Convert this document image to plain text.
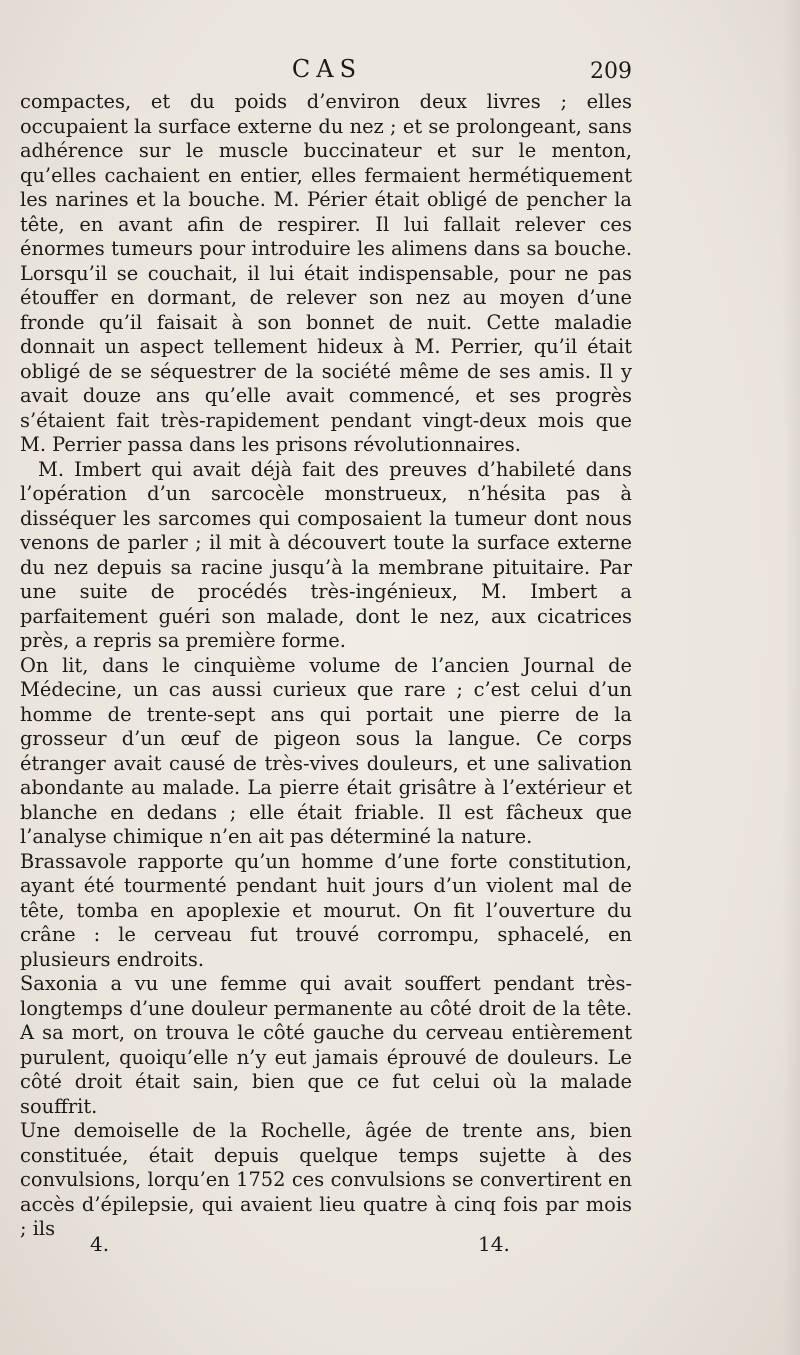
CAS	209

compactes, et du poids d’environ deux livres ; elles occupaient la surface externe du nez ; et se prolongeant, sans adhérence sur le muscle buccinateur et sur le menton, qu’elles cachaient en entier, elles fermaient hermétiquement les narines et la bouche. M. Périer était obligé de pencher la tête, en avant afin de respirer. Il lui fallait relever ces énormes tumeurs pour introduire les alimens dans sa bouche. Lorsqu’il se couchait, il lui était indispensable, pour ne pas étouffer en dormant, de relever son nez au moyen d’une fronde qu’il faisait à son bonnet de nuit. Cette maladie donnait un aspect tellement hideux à M. Perrier, qu’il était obligé de se séquestrer de la société même de ses amis. Il y avait douze ans qu’elle avait commencé, et ses progrès s’étaient fait très-rapidement pendant vingt-deux mois que M. Perrier passa dans les prisons révolutionnaires.

M. Imbert qui avait déjà fait des preuves d’habileté dans l’opération d’un sarcocèle monstrueux, n’hésita pas à disséquer les sarcomes qui composaient la tumeur dont nous venons de parler ; il mit à découvert toute la surface externe du nez depuis sa racine jusqu’à la membrane pituitaire. Par une suite de procédés très-ingénieux, M. Imbert a parfaitement guéri son malade, dont le nez, aux cicatrices près, a repris sa première forme.

On lit, dans le cinquième volume de l’ancien Journal de Médecine, un cas aussi curieux que rare ; c’est celui d’un homme de trente-sept ans qui portait une pierre de la grosseur d’un œuf de pigeon sous la langue. Ce corps étranger avait causé de très-vives douleurs, et une salivation abondante au malade. La pierre était grisâtre à l’extérieur et blanche en dedans ; elle était friable. Il est fâcheux que l’analyse chimique n’en ait pas déterminé la nature.

Brassavole rapporte qu’un homme d’une forte constitution, ayant été tourmenté pendant huit jours d’un violent mal de tête, tomba en apoplexie et mourut. On fit l’ouverture du crâne : le cerveau fut trouvé corrompu, sphacelé, en plusieurs endroits.

Saxonia a vu une femme qui avait souffert pendant très-longtemps d’une douleur permanente au côté droit de la tête. A sa mort, on trouva le côté gauche du cerveau entièrement purulent, quoiqu’elle n’y eut jamais éprouvé de douleurs. Le côté droit était sain, bien que ce fut celui où la malade souffrit.

Une demoiselle de la Rochelle, âgée de trente ans, bien constituée, était depuis quelque temps sujette à des convulsions, lorqu’en 1752 ces convulsions se convertirent en accès d’épilepsie, qui avaient lieu quatre à cinq fois par mois ; ils

4.	14.
